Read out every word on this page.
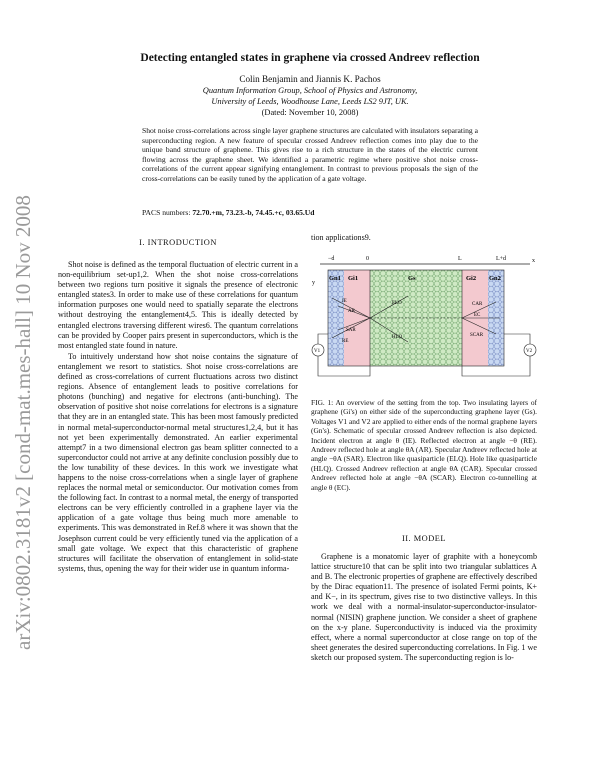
arXiv:0802.3181v2 [cond-mat.mes-hall] 10 Nov 2008
Detecting entangled states in graphene via crossed Andreev reflection
Colin Benjamin and Jiannis K. Pachos
Quantum Information Group, School of Physics and Astronomy,
University of Leeds, Woodhouse Lane, Leeds LS2 9JT, UK.
(Dated: November 10, 2008)
Shot noise cross-correlations across single layer graphene structures are calculated with insulators separating a superconducting region. A new feature of specular crossed Andreev reflection comes into play due to the unique band structure of graphene. This gives rise to a rich structure in the states of the electric current flowing across the graphene sheet. We identified a parametric regime where positive shot noise cross-correlations of the current appear signifying entanglement. In contrast to previous proposals the sign of the cross-correlations can be easily tuned by the application of a gate voltage.
PACS numbers: 72.70.+m, 73.23.-b, 74.45.+c, 03.65.Ud
I. INTRODUCTION

Shot noise is defined as the temporal fluctuation of electric current in a non-equilibrium set-up1,2. When the shot noise cross-correlations between two regions turn positive it signals the presence of electronic entangled states3. In order to make use of these correlations for quantum information purposes one would need to spatially separate the electrons without destroying the entanglement4,5. This is ideally detected by entangled electrons traversing different wires6. The quantum correlations can be provided by Cooper pairs present in superconductors, which is the most entangled state found in nature.

To intuitively understand how shot noise contains the signature of entanglement we resort to statistics. Shot noise cross-correlations are defined as cross-correlations of current fluctuations across two distinct regions. Absence of entanglement leads to positive correlations for photons (bunching) and negative for electrons (anti-bunching). The observation of positive shot noise correlations for electrons is a signature that they are in an entangled state. This has been most famously predicted in normal metal-superconductor-normal metal structures1,2,4, but it has not yet been experimentally demonstrated. An earlier experimental attempt7 in a two dimensional electron gas beam splitter connected to a superconductor could not arrive at any definite conclusion possibly due to the low tunability of these devices. In this work we investigate what happens to the noise cross-correlations when a single layer of graphene replaces the normal metal or semiconductor. Our motivation comes from the following fact. In contrast to a normal metal, the energy of transported electrons can be very efficiently controlled in a graphene layer via the application of a gate voltage thus being much more amenable to experiments. This was demonstrated in Ref.8 where it was shown that the Josephson current could be very efficiently tuned via the application of a small gate voltage. We expect that this characteristic of graphene structures will facilitate the observation of entanglement in solid-state systems, thus, opening the way for their wider use in quantum informa-

tion applications9.
−d	0	L	L+d	x
y
Gn1 Gi1	Gs	Gi2 Gn2
IE
RE
AR
SAR
ELO
HLO
CAR
SCAR
EC
V1	V2
FIG. 1: An overview of the setting from the top. Two insulating layers of graphene (Gi's) on either side of the superconducting graphene layer (Gs). Voltages V1 and V2 are applied to either ends of the normal graphene layers (Gn's). Schematic of specular crossed Andreev reflection is also depicted. Incident electron at angle θ (IE). Reflected electron at angle −θ (RE). Andreev reflected hole at angle θA (AR). Specular Andreev reflected hole at angle −θA (SAR). Electron like quasiparticle (ELQ). Hole like quasiparticle (HLQ). Crossed Andreev reflection at angle θA (CAR). Specular crossed Andreev reflected hole at angle −θA (SCAR). Electron co-tunnelling at angle θ (EC).
II. MODEL

Graphene is a monatomic layer of graphite with a honeycomb lattice structure10 that can be split into two triangular sublattices A and B. The electronic properties of graphene are effectively described by the Dirac equation11. The presence of isolated Fermi points, K+ and K−, in its spectrum, gives rise to two distinctive valleys. In this work we deal with a normal-insulator-superconductor-insulator-normal (NISIN) graphene junction. We consider a sheet of graphene on the x-y plane. Superconductivity is induced via the proximity effect, where a normal superconductor at close range on top of the sheet generates the desired superconducting correlations. In Fig. 1 we sketch our proposed system. The superconducting region is lo-
